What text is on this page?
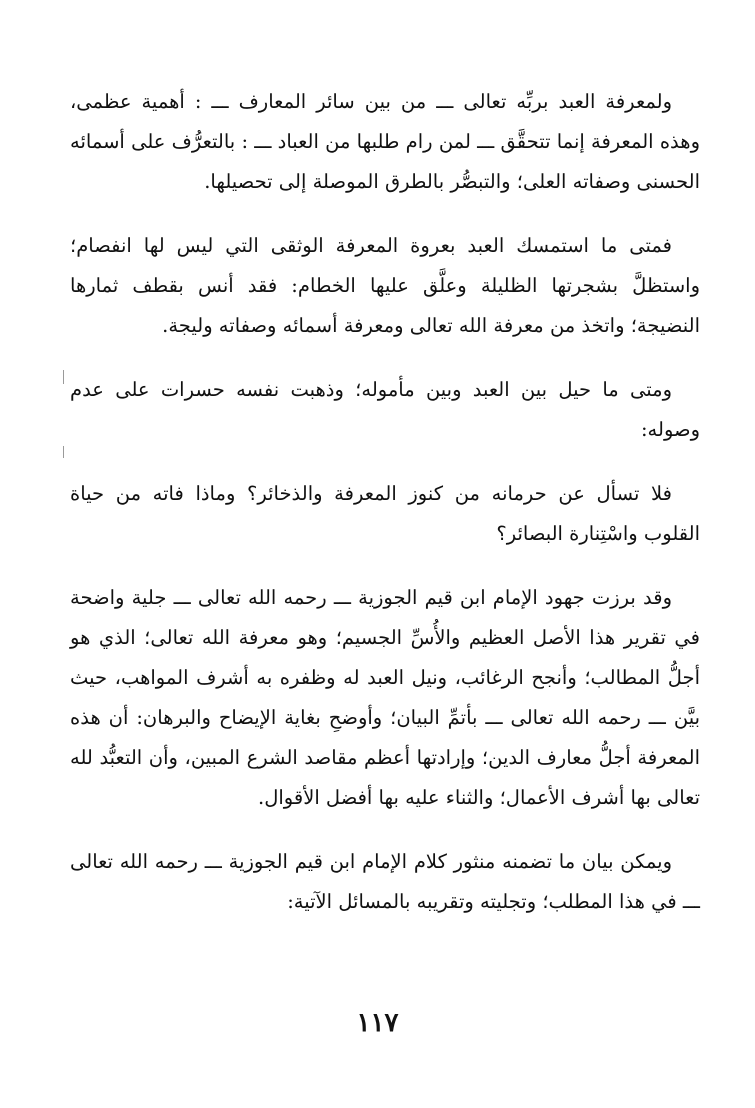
ولمعرفة العبد بربِّه تعالى ـــ من بين سائر المعارف ـــ : أهمية عظمى، وهذه المعرفة إنما تتحقَّق ـــ لمن رام طلبها من العباد ـــ : بالتعرُّف على أسمائه الحسنى وصفاته العلى؛ والتبصُّر بالطرق الموصلة إلى تحصيلها.

فمتى ما استمسك العبد بعروة المعرفة الوثقى التي ليس لها انفصام؛ واستظلَّ بشجرتها الظليلة وعلَّق عليها الخطام: فقد أنس بقطف ثمارها النضيجة؛ واتخذ من معرفة الله تعالى ومعرفة أسمائه وصفاته وليجة.

ومتى ما حيل بين العبد وبين مأموله؛ وذهبت نفسه حسرات على عدم وصوله:

فلا تسأل عن حرمانه من كنوز المعرفة والذخائر؟ وماذا فاته من حياة القلوب واسْتِنارة البصائر؟

وقد برزت جهود الإمام ابن قيم الجوزية ـــ رحمه الله تعالى ـــ جلية واضحة في تقرير هذا الأصل العظيم والأُسِّ الجسيم؛ وهو معرفة الله تعالى؛ الذي هو أجلُّ المطالب؛ وأنجح الرغائب، ونيل العبد له وظفره به أشرف المواهب، حيث بيَّن ـــ رحمه الله تعالى ـــ بأتمِّ البيان؛ وأوضحِ بغاية الإيضاح والبرهان: أن هذه المعرفة أجلُّ معارف الدين؛ وإرادتها أعظم مقاصد الشرع المبين، وأن التعبُّد لله تعالى بها أشرف الأعمال؛ والثناء عليه بها أفضل الأقوال.

ويمكن بيان ما تضمنه منثور كلام الإمام ابن قيم الجوزية ـــ رحمه الله تعالى ـــ في هذا المطلب؛ وتجليته وتقريبه بالمسائل الآتية:

١١٧
